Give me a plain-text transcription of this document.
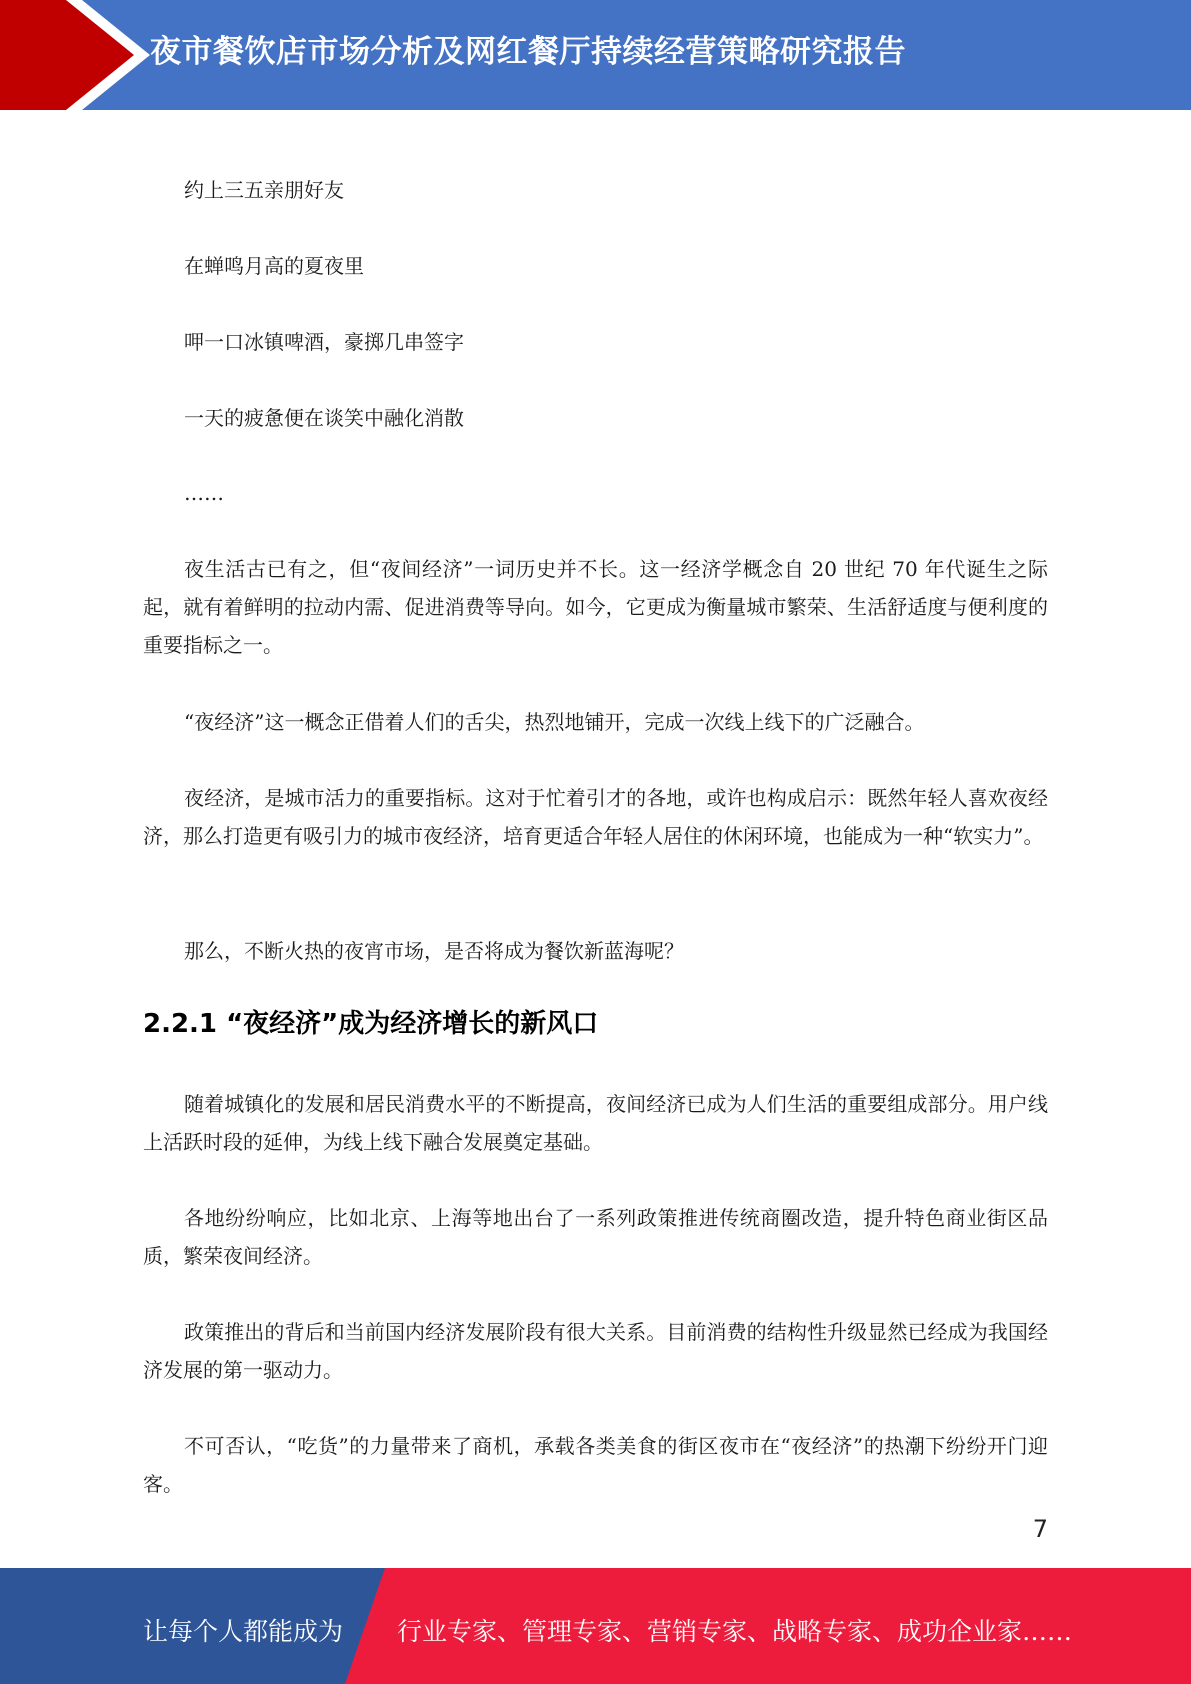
夜市餐饮店市场分析及网红餐厅持续经营策略研究报告

约上三五亲朋好友

在蝉鸣月高的夏夜里

呷一口冰镇啤酒，豪掷几串签字

一天的疲惫便在谈笑中融化消散

……

夜生活古已有之，但“夜间经济”一词历史并不长。这一经济学概念自 20 世纪 70 年代诞生之际起，就有着鲜明的拉动内需、促进消费等导向。如今，它更成为衡量城市繁荣、生活舒适度与便利度的重要指标之一。

“夜经济”这一概念正借着人们的舌尖，热烈地铺开，完成一次线上线下的广泛融合。

夜经济，是城市活力的重要指标。这对于忙着引才的各地，或许也构成启示：既然年轻人喜欢夜经济，那么打造更有吸引力的城市夜经济，培育更适合年轻人居住的休闲环境，也能成为一种“软实力”。

那么，不断火热的夜宵市场，是否将成为餐饮新蓝海呢？

2.2.1 “夜经济”成为经济增长的新风口

随着城镇化的发展和居民消费水平的不断提高，夜间经济已成为人们生活的重要组成部分。用户线上活跃时段的延伸，为线上线下融合发展奠定基础。

各地纷纷响应，比如北京、上海等地出台了一系列政策推进传统商圈改造，提升特色商业街区品质，繁荣夜间经济。

政策推出的背后和当前国内经济发展阶段有很大关系。目前消费的结构性升级显然已经成为我国经济发展的第一驱动力。

不可否认，“吃货”的力量带来了商机，承载各类美食的街区夜市在“夜经济”的热潮下纷纷开门迎客。

7
让每个人都能成为 行业专家、管理专家、营销专家、战略专家、成功企业家……
